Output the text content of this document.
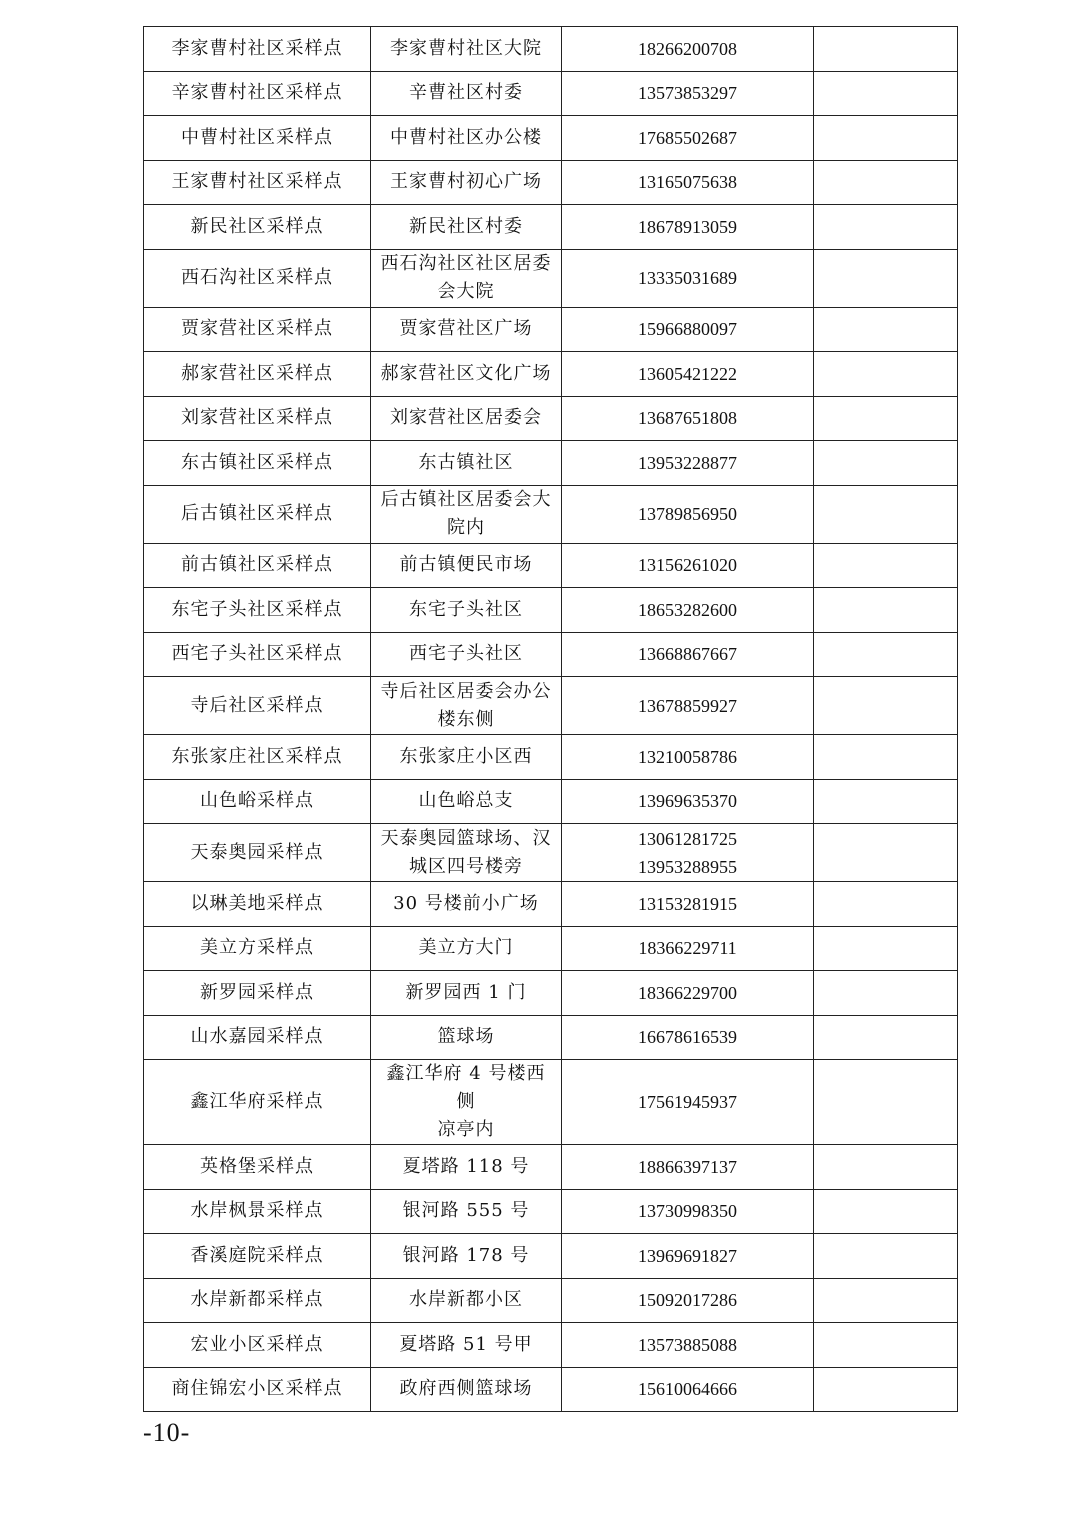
李家曹村社区采样点	李家曹村社区大院	18266200708	

辛家曹村社区采样点	辛曹社区村委	13573853297	

中曹村社区采样点	中曹村社区办公楼	17685502687	

王家曹村社区采样点	王家曹村初心广场	13165075638	

新民社区采样点	新民社区村委	18678913059	

西石沟社区采样点	西石沟社区社区居委
会大院	13335031689	

贾家营社区采样点	贾家营社区广场	15966880097	

郝家营社区采样点	郝家营社区文化广场	13605421222	

刘家营社区采样点	刘家营社区居委会	13687651808	

东古镇社区采样点	东古镇社区	13953228877	

后古镇社区采样点	后古镇社区居委会大
院内	13789856950	

前古镇社区采样点	前古镇便民市场	13156261020	

东宅子头社区采样点	东宅子头社区	18653282600	

西宅子头社区采样点	西宅子头社区	13668867667	

寺后社区采样点	寺后社区居委会办公
楼东侧	13678859927	

东张家庄社区采样点	东张家庄小区西	13210058786	

山色峪采样点	山色峪总支	13969635370	

天泰奥园采样点	天泰奥园篮球场、汉
城区四号楼旁	13061281725
13953288955	

以琳美地采样点	30 号楼前小广场	13153281915	

美立方采样点	美立方大门	18366229711	

新罗园采样点	新罗园西 1 门	18366229700	

山水嘉园采样点	篮球场	16678616539	

鑫江华府采样点	鑫江华府 4 号楼西侧
凉亭内	17561945937	

英格堡采样点	夏塔路 118 号	18866397137	

水岸枫景采样点	银河路 555 号	13730998350	

香溪庭院采样点	银河路 178 号	13969691827	

水岸新都采样点	水岸新都小区	15092017286	

宏业小区采样点	夏塔路 51 号甲	13573885088	

商住锦宏小区采样点	政府西侧篮球场	15610064666	

-10-
